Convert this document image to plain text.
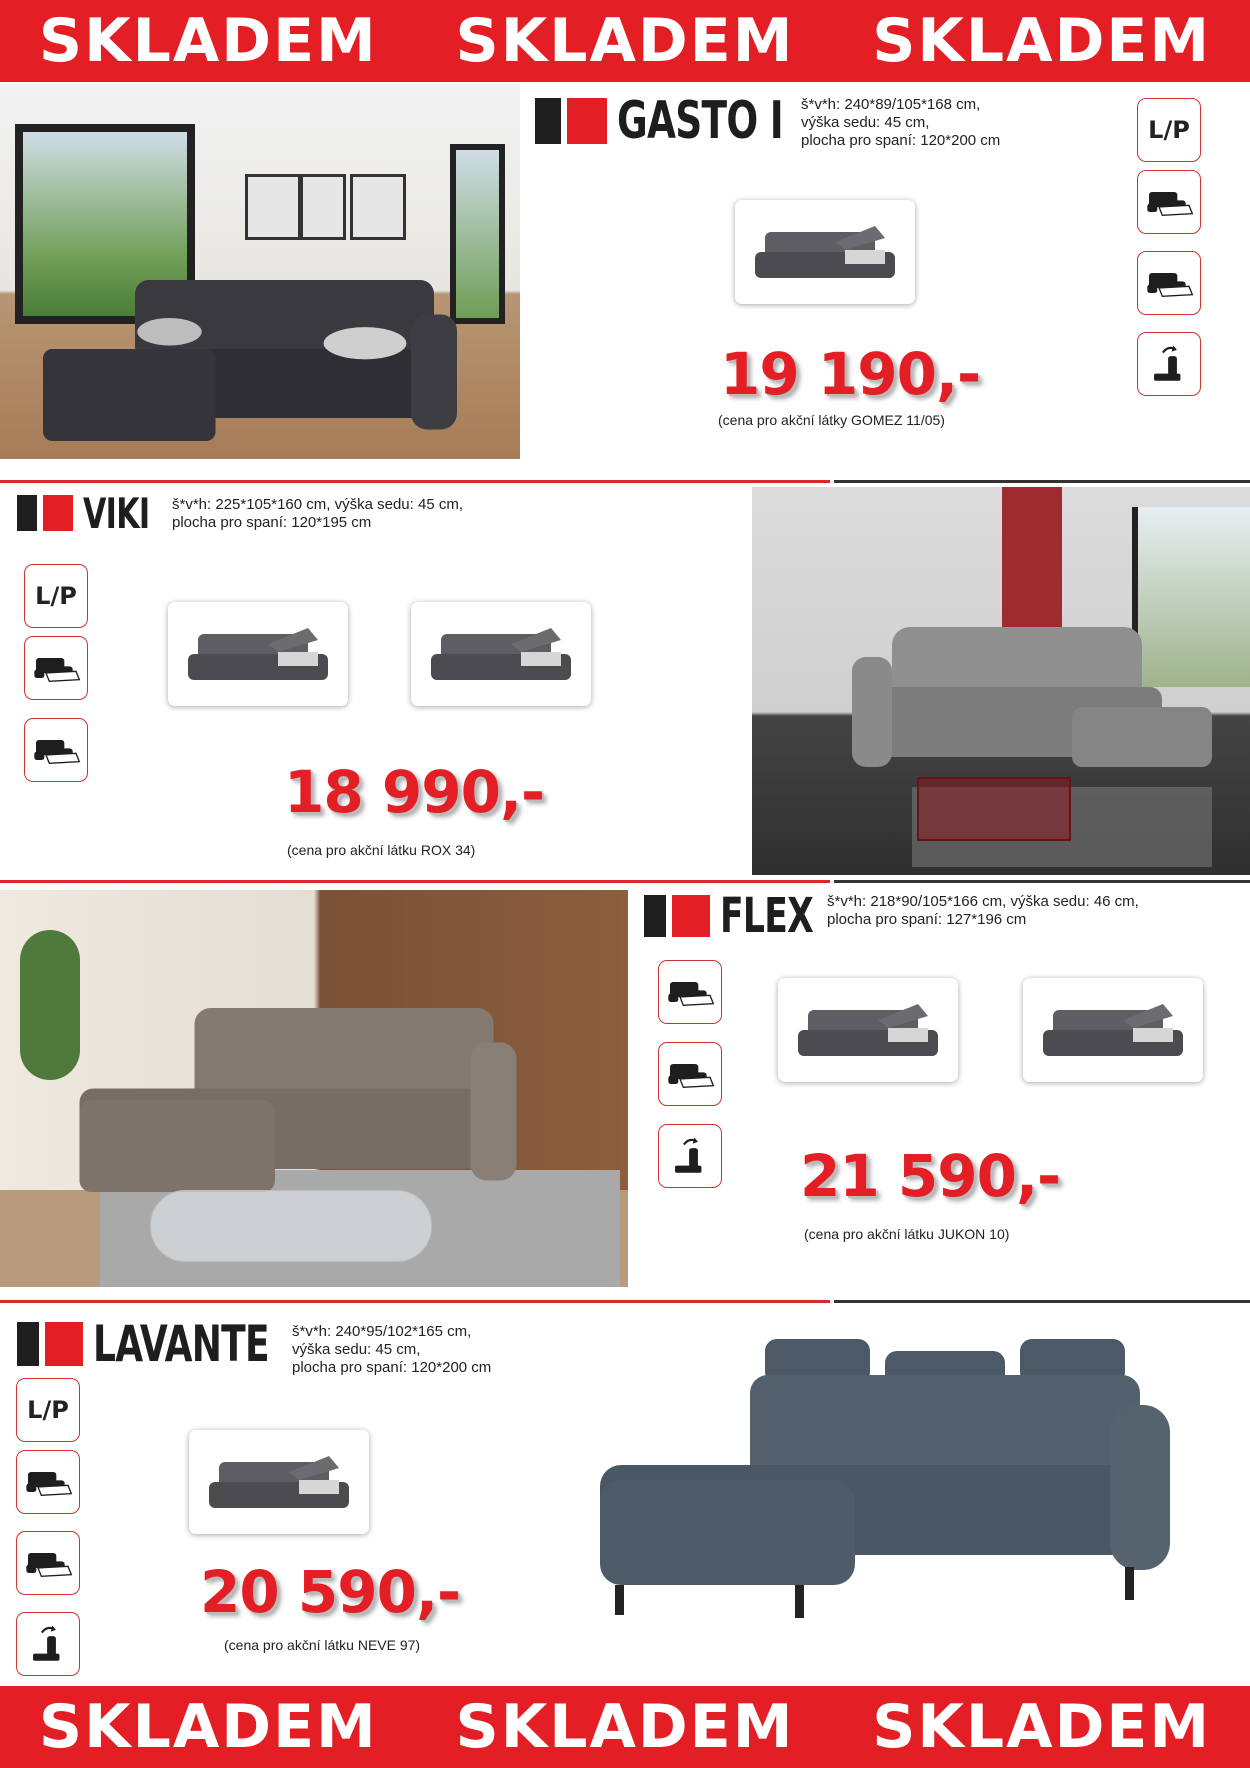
SKLADEM SKLADEM SKLADEM
GASTO I š*v*h: 240*89/105*168 cm,
výška sedu: 45 cm,
plocha pro spaní: 120*200 cm
19 190,-
(cena pro akční látky GOMEZ 11/05)
L/P
VIKI š*v*h: 225*105*160 cm, výška sedu: 45 cm,
plocha pro spaní: 120*195 cm
L/P
18 990,-
(cena pro akční látku ROX 34)
FLEX š*v*h: 218*90/105*166 cm, výška sedu: 46 cm,
plocha pro spaní: 127*196 cm
21 590,-
(cena pro akční látku JUKON 10)
LAVANTE š*v*h: 240*95/102*165 cm,
výška sedu: 45 cm,
plocha pro spaní: 120*200 cm
L/P
20 590,-
(cena pro akční látku NEVE 97)
SKLADEM SKLADEM SKLADEM
